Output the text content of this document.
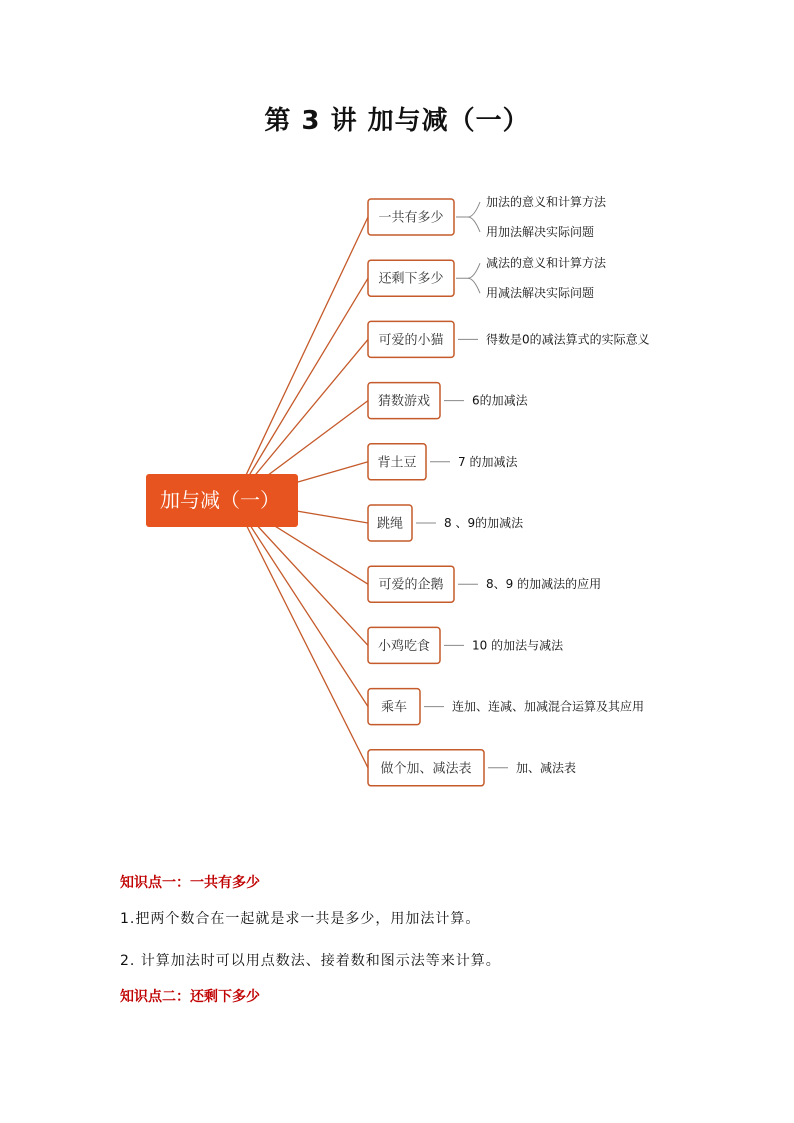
第 3 讲 加与减（一）
一共有多少
加法的意义和计算方法
用加法解决实际问题
还剩下多少
减法的意义和计算方法
用减法解决实际问题
可爱的小猫	得数是0的减法算式的实际意义
猜数游戏	6的加减法
背土豆	7 的加减法
跳绳	8 、9的加减法
可爱的企鹅	8、9 的加减法的应用
小鸡吃食	10 的加法与减法
乘车	连加、连减、加减混合运算及其应用
做个加、减法表	加、减法表
加与减（一）
知识点一：一共有多少
1.把两个数合在一起就是求一共是多少，用加法计算。
2. 计算加法时可以用点数法、接着数和图示法等来计算。
知识点二：还剩下多少
